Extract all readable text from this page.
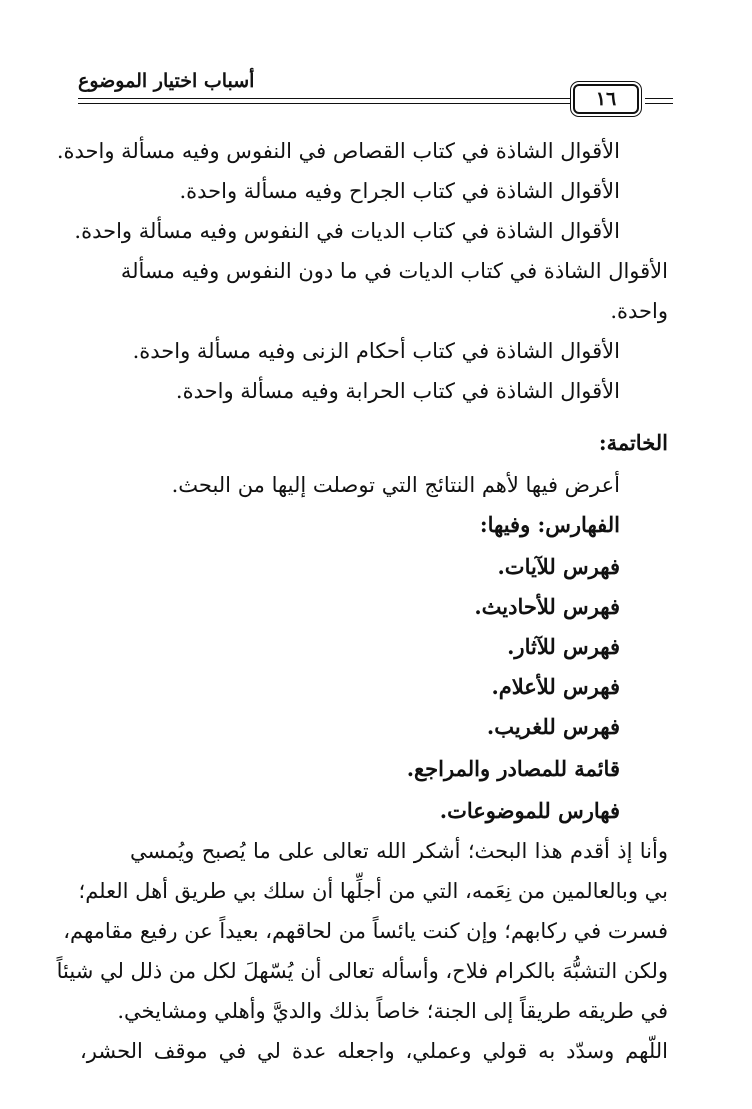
أسباب اختيار الموضوع
١٦
الأقوال الشاذة في كتاب القصاص في النفوس وفيه مسألة واحدة.
الأقوال الشاذة في كتاب الجراح وفيه مسألة واحدة.
الأقوال الشاذة في كتاب الديات في النفوس وفيه مسألة واحدة.
الأقوال الشاذة في كتاب الديات في ما دون النفوس وفيه مسألة
واحدة.
الأقوال الشاذة في كتاب أحكام الزنى وفيه مسألة واحدة.
الأقوال الشاذة في كتاب الحرابة وفيه مسألة واحدة.
الخاتمة:
أعرض فيها لأهم النتائج التي توصلت إليها من البحث.
الفهارس: وفيها:
فهرس للآيات.
فهرس للأحاديث.
فهرس للآثار.
فهرس للأعلام.
فهرس للغريب.
قائمة للمصادر والمراجع.
فهارس للموضوعات.
وأنا إذ أقدم هذا البحث؛ أشكر الله تعالى على ما يُصبح ويُمسي
بي وبالعالمين من نِعَمه، التي من أجلِّها أن سلك بي طريق أهل العلم؛
فسرت في ركابهم؛ وإن كنت يائساً من لحاقهم، بعيداً عن رفيع مقامهم،
ولكن التشبُّهَ بالكرام فلاح، وأسأله تعالى أن يُسّهلَ لكل من ذلل لي شيئاً
في طريقه طريقاً إلى الجنة؛ خاصاً بذلك والديَّ وأهلي ومشايخي.
اللّهم وسدّد به قولي وعملي، واجعله عدة لي في موقف الحشر،
